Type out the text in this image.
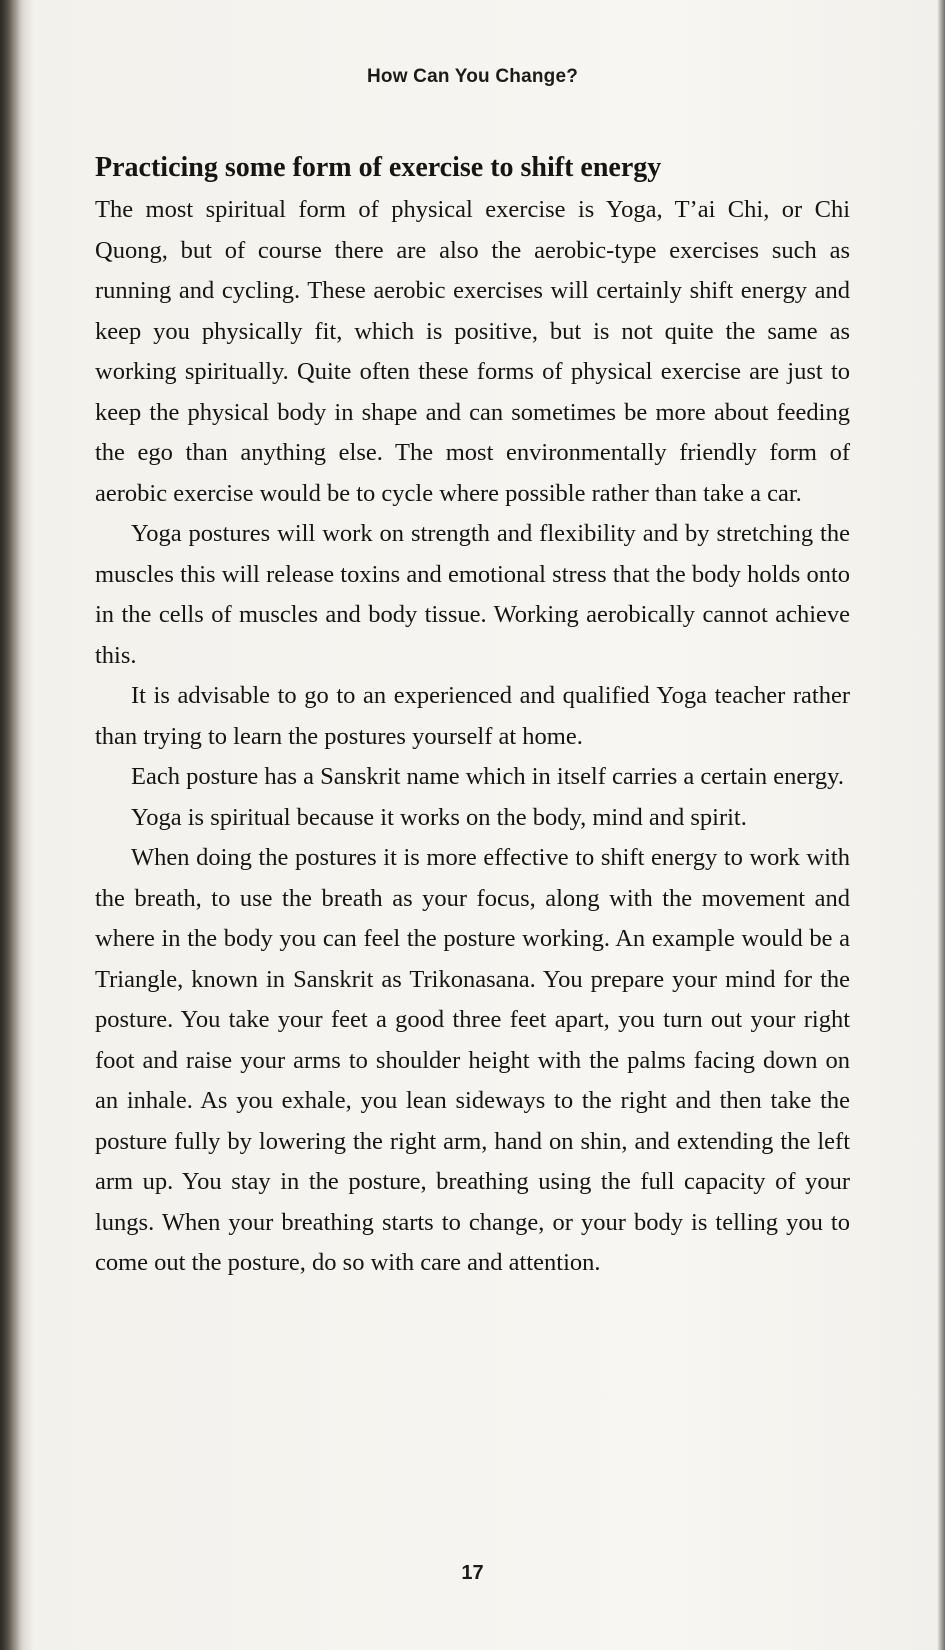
How Can You Change?
Practicing some form of exercise to shift energy

The most spiritual form of physical exercise is Yoga, T’ai Chi, or Chi Quong, but of course there are also the aerobic-type exercises such as running and cycling. These aerobic exercises will certainly shift energy and keep you physically fit, which is positive, but is not quite the same as working spiritually. Quite often these forms of physical exercise are just to keep the physical body in shape and can sometimes be more about feeding the ego than anything else. The most environmentally friendly form of aerobic exercise would be to cycle where possible rather than take a car.

Yoga postures will work on strength and flexibility and by stretching the muscles this will release toxins and emotional stress that the body holds onto in the cells of muscles and body tissue. Working aerobically cannot achieve this.

It is advisable to go to an experienced and qualified Yoga teacher rather than trying to learn the postures yourself at home.

Each posture has a Sanskrit name which in itself carries a certain energy.

Yoga is spiritual because it works on the body, mind and spirit.

When doing the postures it is more effective to shift energy to work with the breath, to use the breath as your focus, along with the movement and where in the body you can feel the posture working. An example would be a Triangle, known in Sanskrit as Trikonasana. You prepare your mind for the posture. You take your feet a good three feet apart, you turn out your right foot and raise your arms to shoulder height with the palms facing down on an inhale. As you exhale, you lean sideways to the right and then take the posture fully by lowering the right arm, hand on shin, and extending the left arm up. You stay in the posture, breathing using the full capacity of your lungs. When your breathing starts to change, or your body is telling you to come out the posture, do so with care and attention.

17
